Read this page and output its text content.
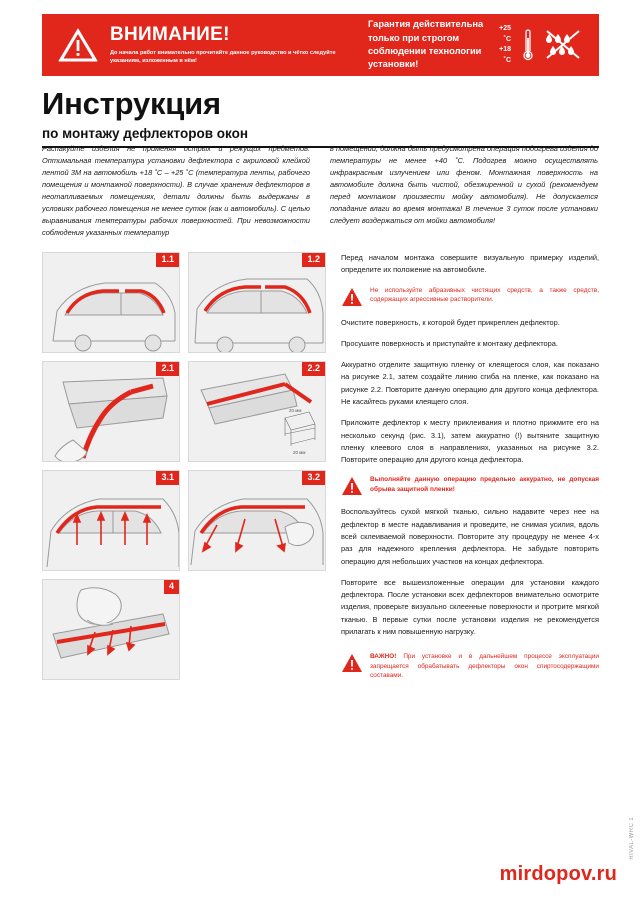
ВНИМАНИЕ!
До начала работ внимательно прочитайте данное руководство и чётко следуйте указаниям, изложенным в нём!
Гарантия действительна только при строгом соблюдении технологии установки!
+25 ˚C
+18 ˚C
Инструкция
по монтажу дефлекторов окон
Распакуйте изделия не применяя острых и режущих предметов. Оптимальная температура установки дефлектора с акриловой клейкой лентой 3М на автомобиль +18 ˚С – +25 ˚С (температура ленты, рабочего помещения и монтажной поверхности). В случае хранения дефлекторов в неотапливаемых помещениях, детали должны быть выдержаны в условиях рабочего помещения не менее суток (как и автомобиль). С целью выравнивания температуры рабочих поверхностей. При невозможности соблюдения указанных температур
в помещении, должна быть предусмотрена операция подогрева изделия до температуры не менее +40 ˚С. Подогрев можно осуществлять инфракрасным излучением или феном. Монтажная поверхность на автомобиле должна быть чистой, обезжиренной и сухой (рекомендуем перед монтажом произвести мойку автомобиля). Не допускается попадание влаги во время монтажа! В течение 3 суток после установки следует воздержаться от мойки автомобиля!
1.1	1.2
2.1
20 мм
20 мм
2.2
3.1	3.2
4

Перед началом монтажа совершите визуальную примерку изделий, определите их положение на автомобиле.

Не используйте абразивных чистящих средств, а также средств, содержащих агрессивные растворители.

Очистите поверхность, к которой будет прикреплен дефлектор.

Просушите поверхность и приступайте к монтажу дефлектора.

Аккуратно отделите защитную пленку от клеящегося слоя, как показано на рисунке 2.1, затем создайте линию сгиба на пленке, как показано на рисунке 2.2. Повторите данную операцию для другого конца дефлектора. Не касайтесь руками клеящего слоя.

Приложите дефлектор к месту приклеивания и плотно прижмите его на несколько секунд (рис. 3.1), затем аккуратно (!) вытяните защитную пленку клеевого слоя в направлениях, указанных на рисунке 3.2. Повторите операцию для другого конца дефлектора.

Выполняйте данную операцию предельно аккуратно, не допуская обрыва защитной пленки!

Воспользуйтесь сухой мягкой тканью, сильно надавите через нее на дефлектор в месте надавливания и проведите, не снимая усилия, вдоль всей склеиваемой поверхности. Повторите эту процедуру не менее 4-х раз для надежного крепления дефлектора. Не забудьте повторить операцию для небольших участков на концах дефлектора.

Повторите все вышеизложенные операции для установки каждого дефлектора. После установки всех дефлекторов внимательно осмотрите изделия, проверьте визуально склеенные поверхности и протрите мягкой тканью. В первые сутки после установки изделия не рекомендуется прилагать к ним повышенную нагрузку.

ВАЖНО! При установке и в дальнейшем процессе эксплуатации запрещается обрабатывать дефлекторы окон спиртосодержащими составами.
mirdopov.ru
RIVAL-WRC 1
